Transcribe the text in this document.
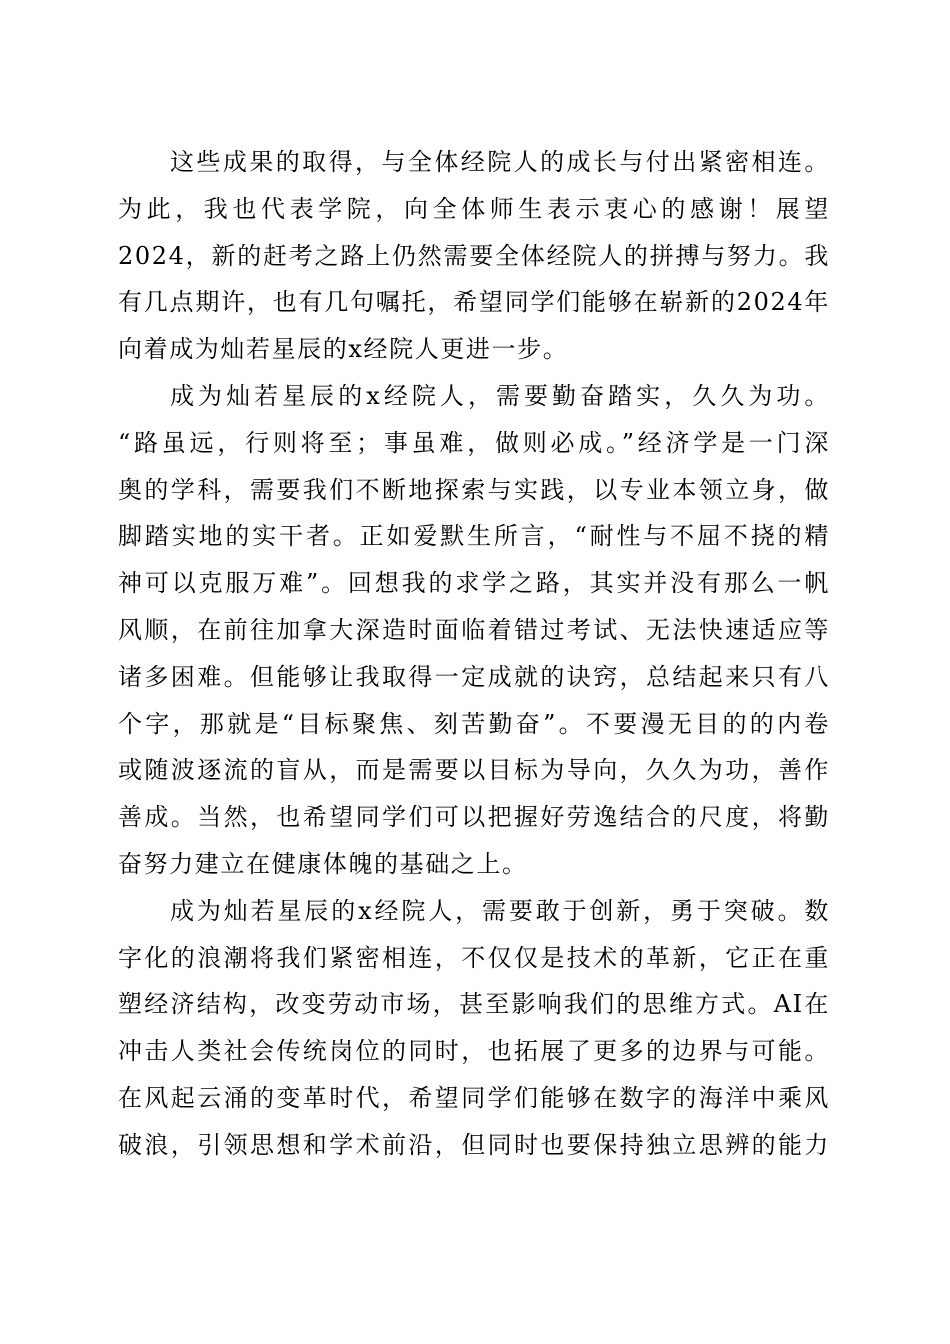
这些成果的取得，与全体经院人的成长与付出紧密相连。
为此，我也代表学院，向全体师生表示衷心的感谢！展望
2024，新的赶考之路上仍然需要全体经院人的拼搏与努力。我
有几点期许，也有几句嘱托，希望同学们能够在崭新的2024年
向着成为灿若星辰的x经院人更进一步。
成为灿若星辰的x经院人，需要勤奋踏实，久久为功。
“路虽远，行则将至；事虽难，做则必成。”经济学是一门深
奥的学科，需要我们不断地探索与实践，以专业本领立身，做
脚踏实地的实干者。正如爱默生所言，“耐性与不屈不挠的精
神可以克服万难”。回想我的求学之路，其实并没有那么一帆
风顺，在前往加拿大深造时面临着错过考试、无法快速适应等
诸多困难。但能够让我取得一定成就的诀窍，总结起来只有八
个字，那就是“目标聚焦、刻苦勤奋”。不要漫无目的的内卷
或随波逐流的盲从，而是需要以目标为导向，久久为功，善作
善成。当然，也希望同学们可以把握好劳逸结合的尺度，将勤
奋努力建立在健康体魄的基础之上。
成为灿若星辰的x经院人，需要敢于创新，勇于突破。数
字化的浪潮将我们紧密相连，不仅仅是技术的革新，它正在重
塑经济结构，改变劳动市场，甚至影响我们的思维方式。AI在
冲击人类社会传统岗位的同时，也拓展了更多的边界与可能。
在风起云涌的变革时代，希望同学们能够在数字的海洋中乘风
破浪，引领思想和学术前沿，但同时也要保持独立思辨的能力
